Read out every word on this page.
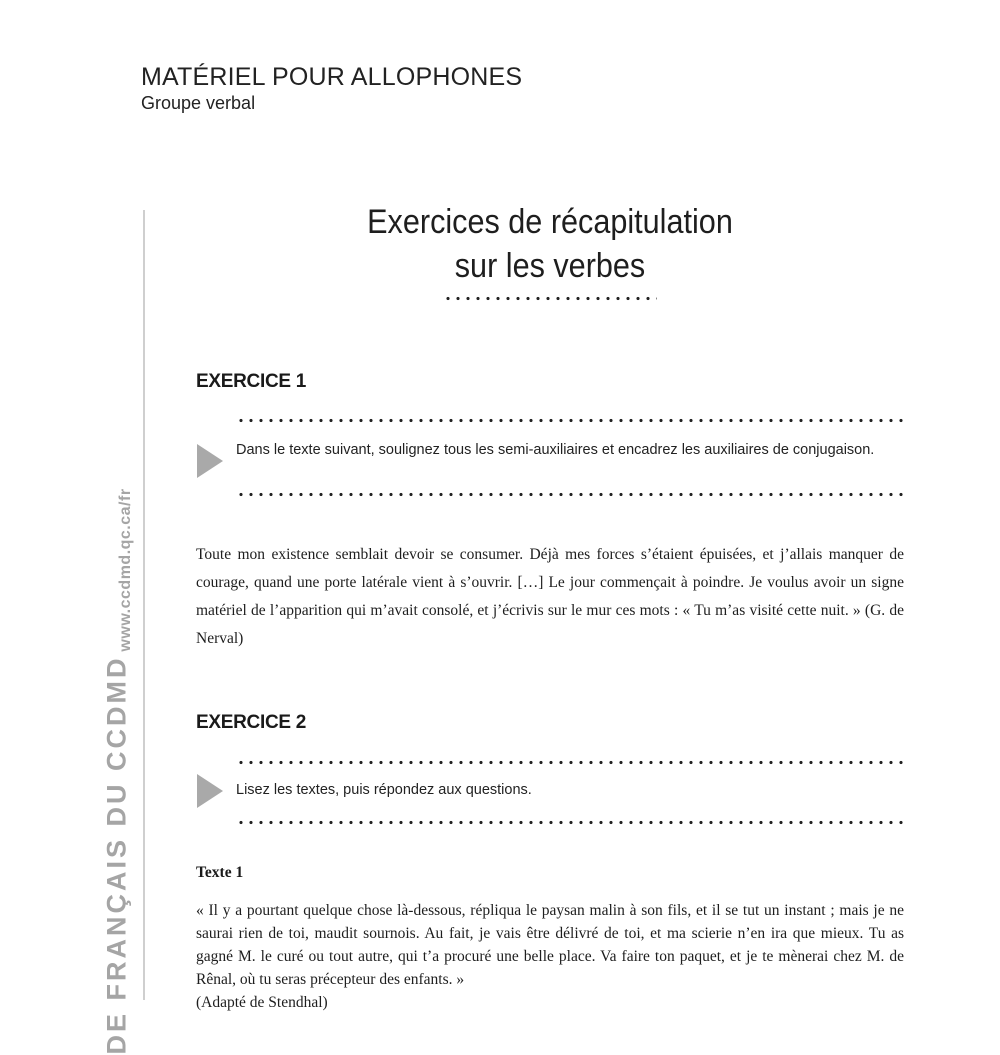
MATÉRIEL POUR ALLOPHONES
Groupe verbal
www.ccdmd.qc.ca/fr
DE FRANÇAIS DU CCDMD
Exercices de récapitulation
sur les verbes
EXERCICE 1
Dans le texte suivant, soulignez tous les semi-auxiliaires et encadrez les auxiliaires de conjugaison.
Toute mon existence semblait devoir se consumer. Déjà mes forces s’étaient épuisées, et j’allais manquer de courage, quand une porte latérale vient à s’ouvrir. […] Le jour commençait à poindre. Je voulus avoir un signe matériel de l’apparition qui m’avait consolé, et j’écrivis sur le mur ces mots : « Tu m’as visité cette nuit. » (G. de Nerval)
EXERCICE 2
Lisez les textes, puis répondez aux questions.
Texte 1
« Il y a pourtant quelque chose là-dessous, répliqua le paysan malin à son fils, et il se tut un instant ; mais je ne saurai rien de toi, maudit sournois. Au fait, je vais être délivré de toi, et ma scierie n’en ira que mieux. Tu as gagné M. le curé ou tout autre, qui t’a procuré une belle place. Va faire ton paquet, et je te mènerai chez M. de Rênal, où tu seras précepteur des enfants. »
(Adapté de Stendhal)
